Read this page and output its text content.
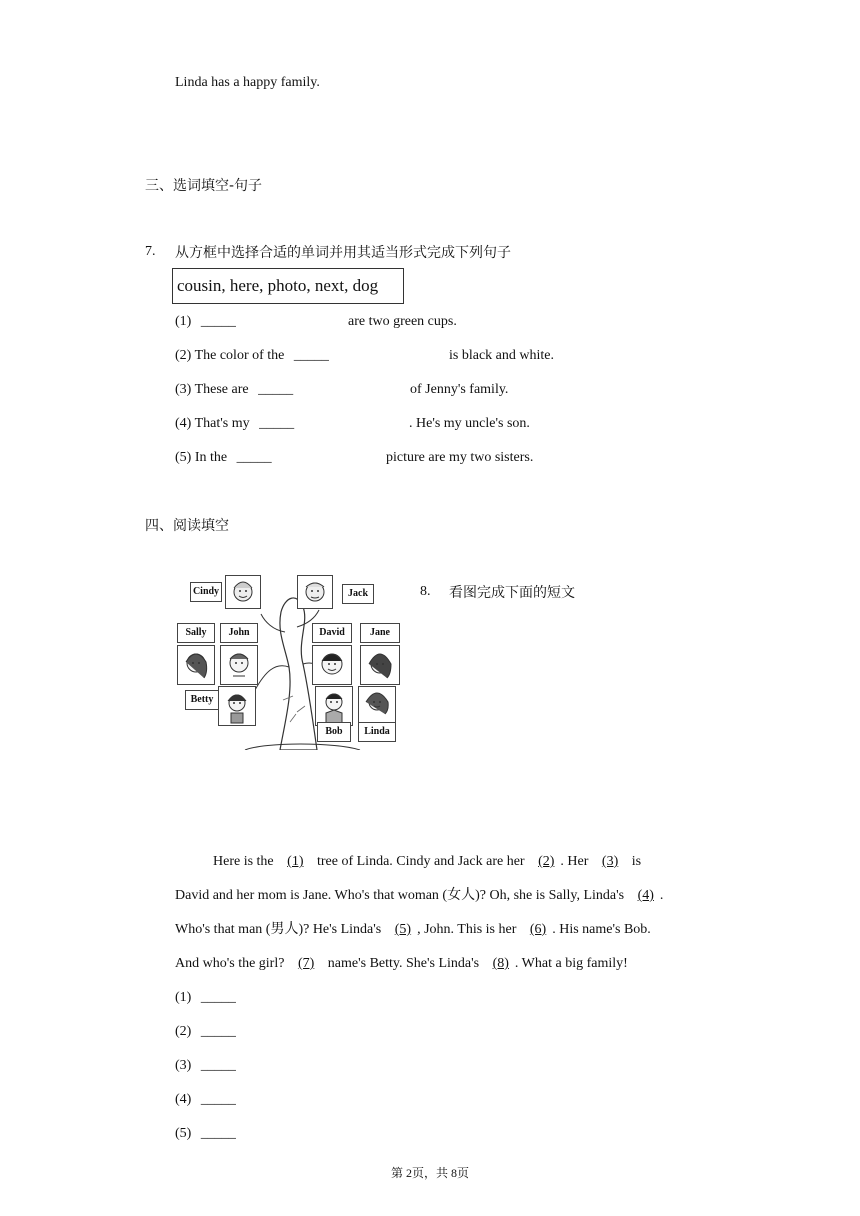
Linda has a happy family.
三、选词填空-句子
7. 从方框中选择合适的单词并用其适当形式完成下列句子
cousin, here, photo, next, dog
(1) _____	are two green cups.
(2) The color of the _____	is black and white.
(3) These are _____	of Jenny's family.
(4) That's my _____	. He's my uncle's son.
(5) In the _____	picture are my two sisters.
四、阅读填空
Cindy	Jack
Sally	John	David	Jane
Betty
Bob	Linda
8. 看图完成下面的短文
Here is the (1) tree of Linda. Cindy and Jack are her (2) . Her (3) is
David and her mom is Jane. Who's that woman (女人)? Oh, she is Sally, Linda's (4) .
Who's that man (男人)? He's Linda's (5) , John. This is her (6) . His name's Bob.
And who's the girl? (7) name's Betty. She's Linda's (8) . What a big family!
(1) _____
(2) _____
(3) _____
(4) _____
(5) _____
第 2页，共 8页
